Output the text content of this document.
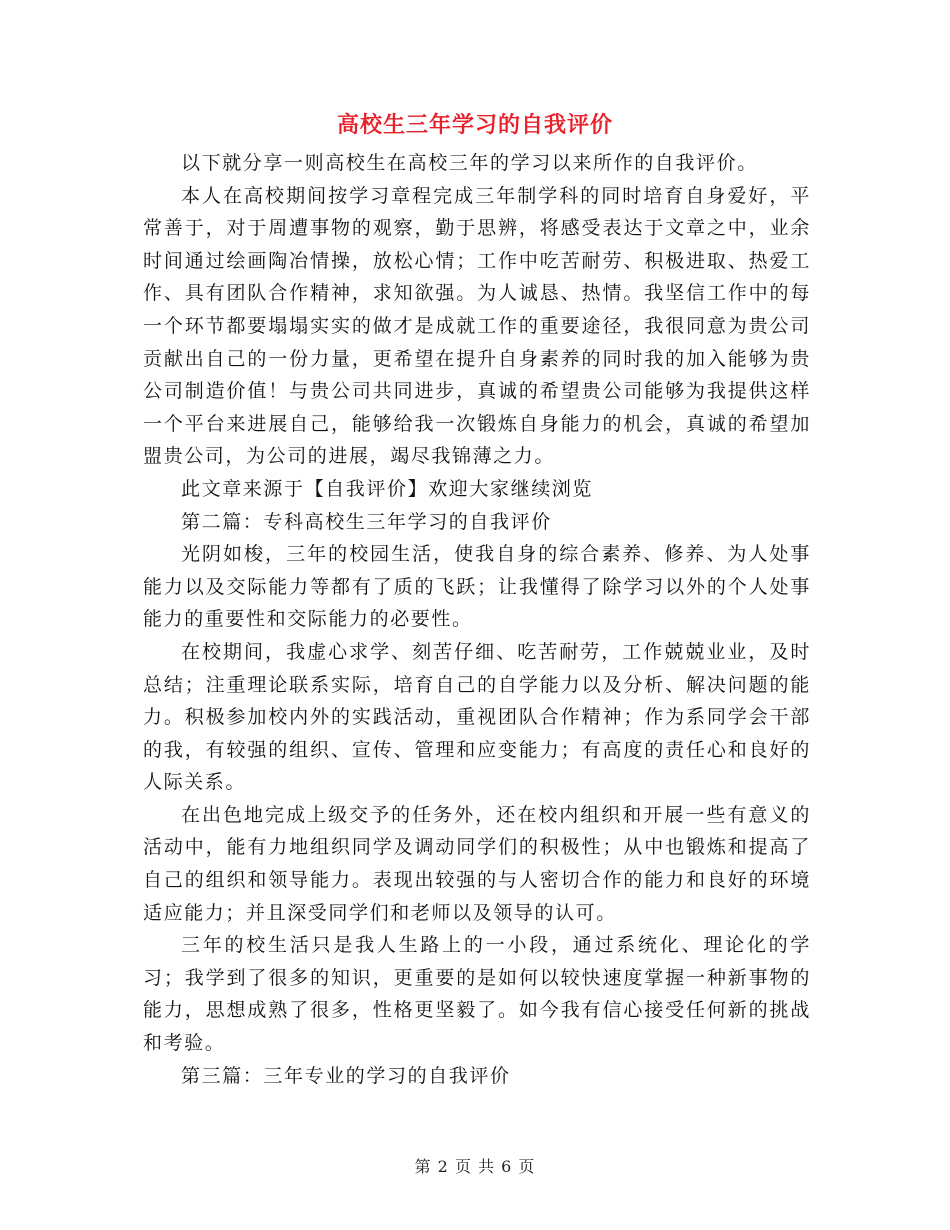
高校生三年学习的自我评价

以下就分享一则高校生在高校三年的学习以来所作的自我评价。

本人在高校期间按学习章程完成三年制学科的同时培育自身爱好，平常善于，对于周遭事物的观察，勤于思辨，将感受表达于文章之中，业余时间通过绘画陶冶情操，放松心情；工作中吃苦耐劳、积极进取、热爱工作、具有团队合作精神，求知欲强。为人诚恳、热情。我坚信工作中的每一个环节都要塌塌实实的做才是成就工作的重要途径，我很同意为贵公司贡献出自己的一份力量，更希望在提升自身素养的同时我的加入能够为贵公司制造价值！与贵公司共同进步，真诚的希望贵公司能够为我提供这样一个平台来进展自己，能够给我一次锻炼自身能力的机会，真诚的希望加盟贵公司，为公司的进展，竭尽我锦薄之力。

此文章来源于【自我评价】欢迎大家继续浏览

第二篇：专科高校生三年学习的自我评价

光阴如梭，三年的校园生活，使我自身的综合素养、修养、为人处事能力以及交际能力等都有了质的飞跃；让我懂得了除学习以外的个人处事能力的重要性和交际能力的必要性。

在校期间，我虚心求学、刻苦仔细、吃苦耐劳，工作兢兢业业，及时总结；注重理论联系实际，培育自己的自学能力以及分析、解决问题的能力。积极参加校内外的实践活动，重视团队合作精神；作为系同学会干部的我，有较强的组织、宣传、管理和应变能力；有高度的责任心和良好的人际关系。

在出色地完成上级交予的任务外，还在校内组织和开展一些有意义的活动中，能有力地组织同学及调动同学们的积极性；从中也锻炼和提高了自己的组织和领导能力。表现出较强的与人密切合作的能力和良好的环境适应能力；并且深受同学们和老师以及领导的认可。

三年的校生活只是我人生路上的一小段，通过系统化、理论化的学习；我学到了很多的知识，更重要的是如何以较快速度掌握一种新事物的能力，思想成熟了很多，性格更坚毅了。如今我有信心接受任何新的挑战和考验。

第三篇：三年专业的学习的自我评价

第 2 页 共 6 页
